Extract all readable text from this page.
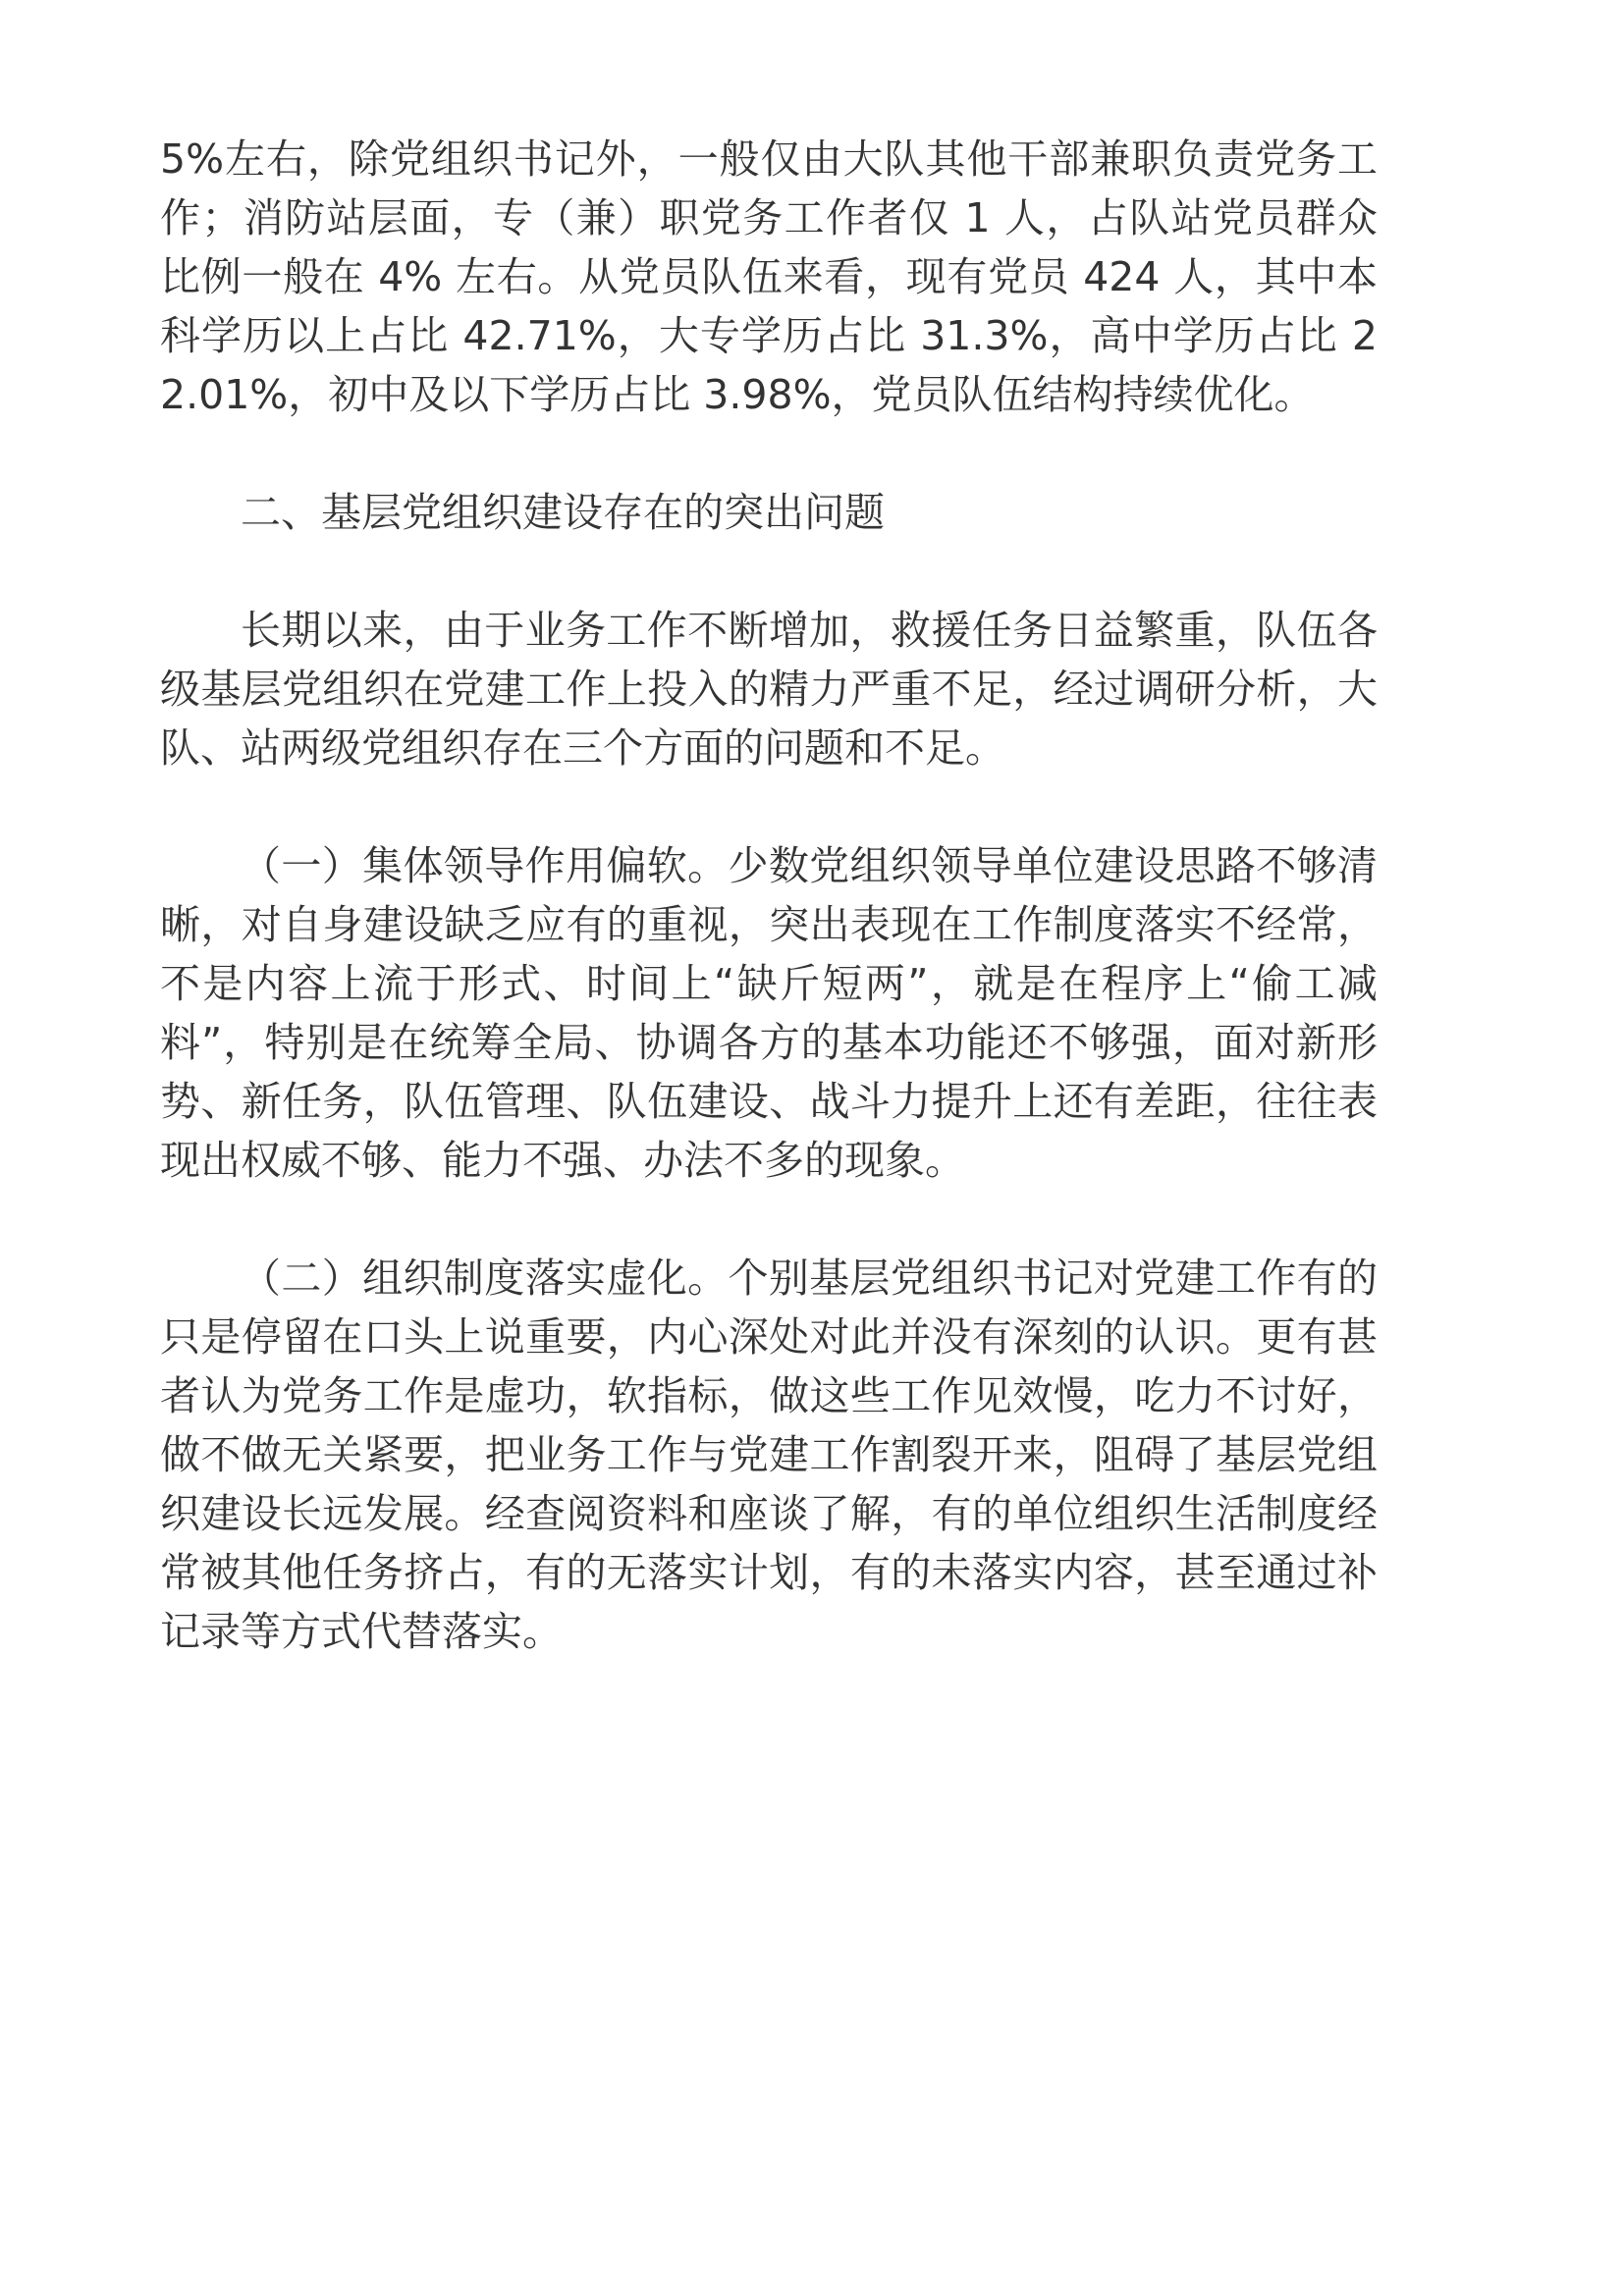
5%左右，除党组织书记外，一般仅由大队其他干部兼职负责党务工作；消防站层面，专（兼）职党务工作者仅 1 人，占队站党员群众比例一般在 4% 左右。从党员队伍来看，现有党员 424 人，其中本科学历以上占比 42.71%，大专学历占比 31.3%，高中学历占比 22.01%，初中及以下学历占比 3.98%，党员队伍结构持续优化。

二、基层党组织建设存在的突出问题

长期以来，由于业务工作不断增加，救援任务日益繁重，队伍各级基层党组织在党建工作上投入的精力严重不足，经过调研分析，大队、站两级党组织存在三个方面的问题和不足。

（一）集体领导作用偏软。少数党组织领导单位建设思路不够清晰，对自身建设缺乏应有的重视，突出表现在工作制度落实不经常，不是内容上流于形式、时间上“缺斤短两”，就是在程序上“偷工减料”，特别是在统筹全局、协调各方的基本功能还不够强，面对新形势、新任务，队伍管理、队伍建设、战斗力提升上还有差距，往往表现出权威不够、能力不强、办法不多的现象。

（二）组织制度落实虚化。个别基层党组织书记对党建工作有的只是停留在口头上说重要，内心深处对此并没有深刻的认识。更有甚者认为党务工作是虚功，软指标，做这些工作见效慢，吃力不讨好，做不做无关紧要，把业务工作与党建工作割裂开来，阻碍了基层党组织建设长远发展。经查阅资料和座谈了解，有的单位组织生活制度经常被其他任务挤占，有的无落实计划，有的未落实内容，甚至通过补记录等方式代替落实。
